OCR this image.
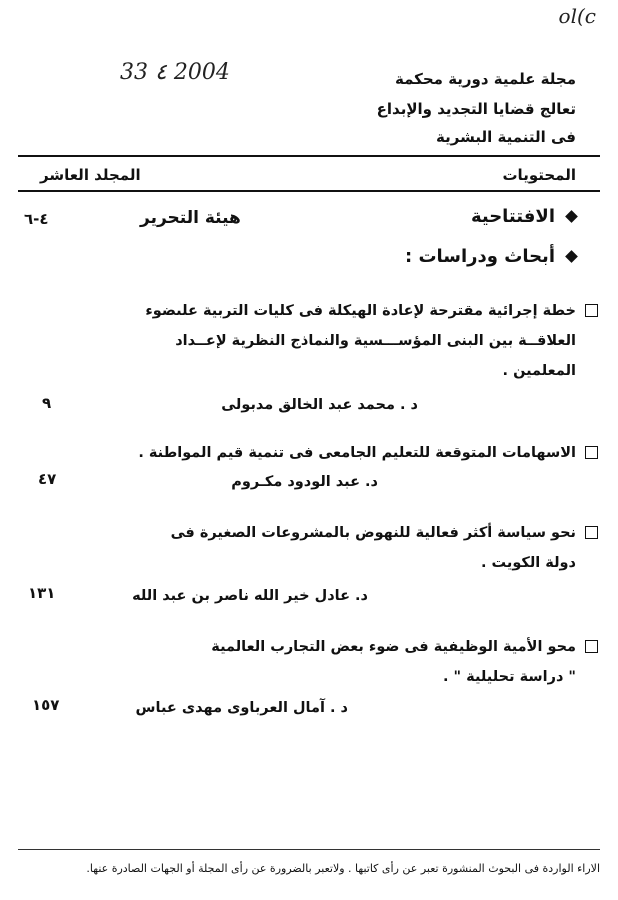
ol(c
33 ٤ 2004	مجلة علمية دورية محكمة
تعالج قضايا التجديد والإبداع
فى التنمية البشرية
المحتويات
المجلد العاشر
الافتتاحية
هيئة التحرير
٤-٦
أبحاث ودراسات :
خطة إجرائية مقترحة لإعادة الهيكلة فى كليات التربية علىضوء
العلاقــة بين البنى المؤســـسية والنماذج النظرية لإعــداد
المعلمين .
د . محمد عبد الخالق مدبولى
٩
الاسهامات المتوقعة للتعليم الجامعى فى تنمية قيم المواطنة .
د. عبد الودود مكـروم
٤٧
نحو سياسة أكثر فعالية للنهوض بالمشروعات الصغيرة فى
دولة الكويت .
د. عادل خير الله ناصر بن عبد الله
١٣١
محو الأمية الوظيفية فى ضوء بعض التجارب العالمية
" دراسة تحليلية " .
د . آمال العرباوى مهدى عباس
١٥٧
الاراء الواردة فى البحوث المنشورة تعبر عن رأى كاتبها . ولاتعبر بالضرورة عن رأى المجلة أو الجهات الصادرة عنها.
